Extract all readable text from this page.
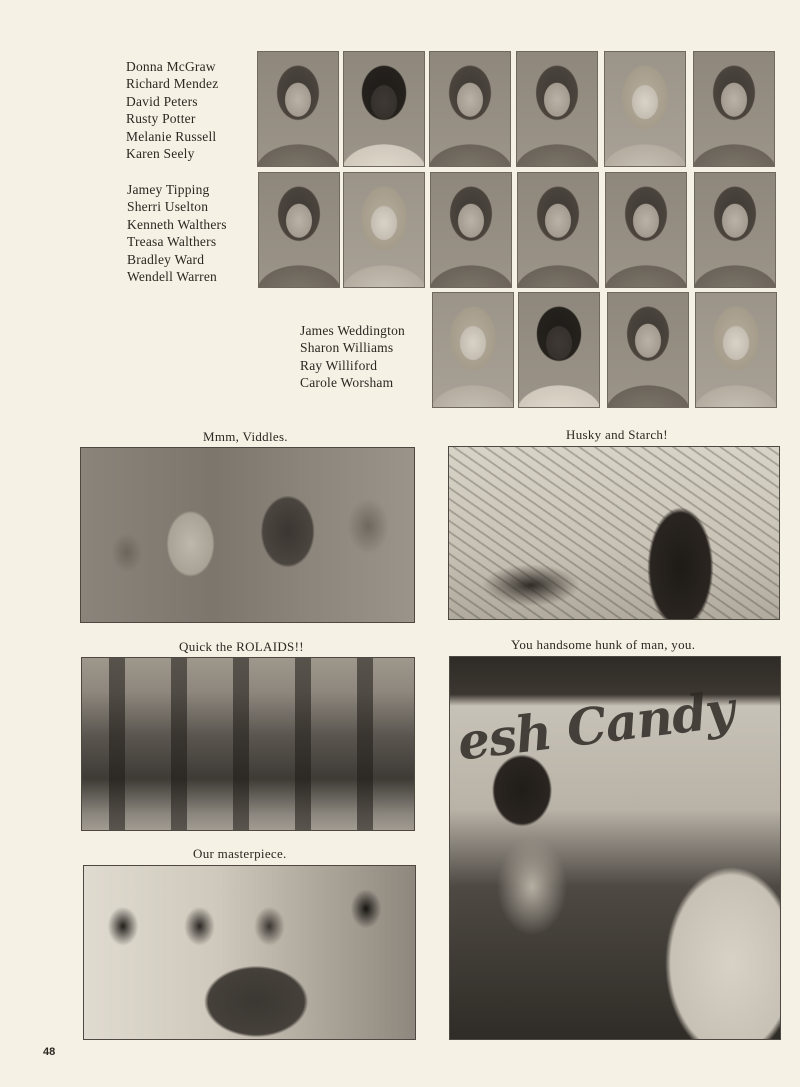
Donna McGraw
Richard Mendez
David Peters
Rusty Potter
Melanie Russell
Karen Seely
Jamey Tipping
Sherri Uselton
Kenneth Walthers
Treasa Walthers
Bradley Ward
Wendell Warren
James Weddington
Sharon Williams
Ray Williford
Carole Worsham
Mmm, Viddles.	Husky and Starch!
Quick the ROLAIDS!!	You handsome hunk of man, you.
esh Candy
Our masterpiece.
48
